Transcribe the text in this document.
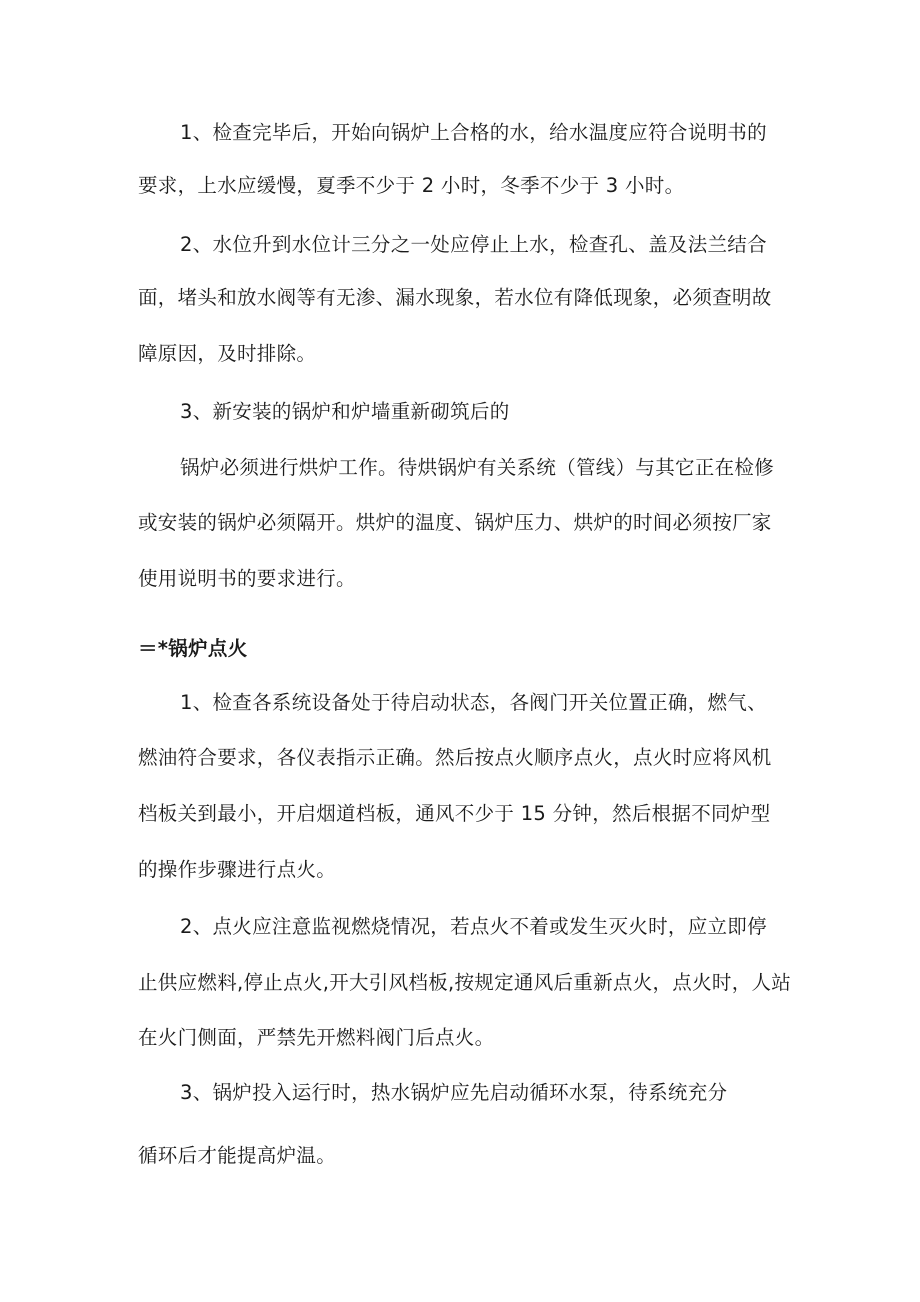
1、检查完毕后，开始向锅炉上合格的水，给水温度应符合说明书的
要求，上水应缓慢，夏季不少于 2 小时，冬季不少于 3 小时。
2、水位升到水位计三分之一处应停止上水，检查孔、盖及法兰结合
面，堵头和放水阀等有无渗、漏水现象，若水位有降低现象，必须查明故
障原因，及时排除。
3、新安装的锅炉和炉墙重新砌筑后的
锅炉必须进行烘炉工作。待烘锅炉有关系统（管线）与其它正在检修
或安装的锅炉必须隔开。烘炉的温度、锅炉压力、烘炉的时间必须按厂家
使用说明书的要求进行。
＝*锅炉点火
1、检查各系统设备处于待启动状态，各阀门开关位置正确，燃气、
燃油符合要求，各仪表指示正确。然后按点火顺序点火，点火时应将风机
档板关到最小，开启烟道档板，通风不少于 15 分钟，然后根据不同炉型
的操作步骤进行点火。
2、点火应注意监视燃烧情况，若点火不着或发生灭火时，应立即停
止供应燃料,停止点火,开大引风档板,按规定通风后重新点火，点火时，人站
在火门侧面，严禁先开燃料阀门后点火。
3、锅炉投入运行时，热水锅炉应先启动循环水泵，待系统充分
循环后才能提高炉温。
